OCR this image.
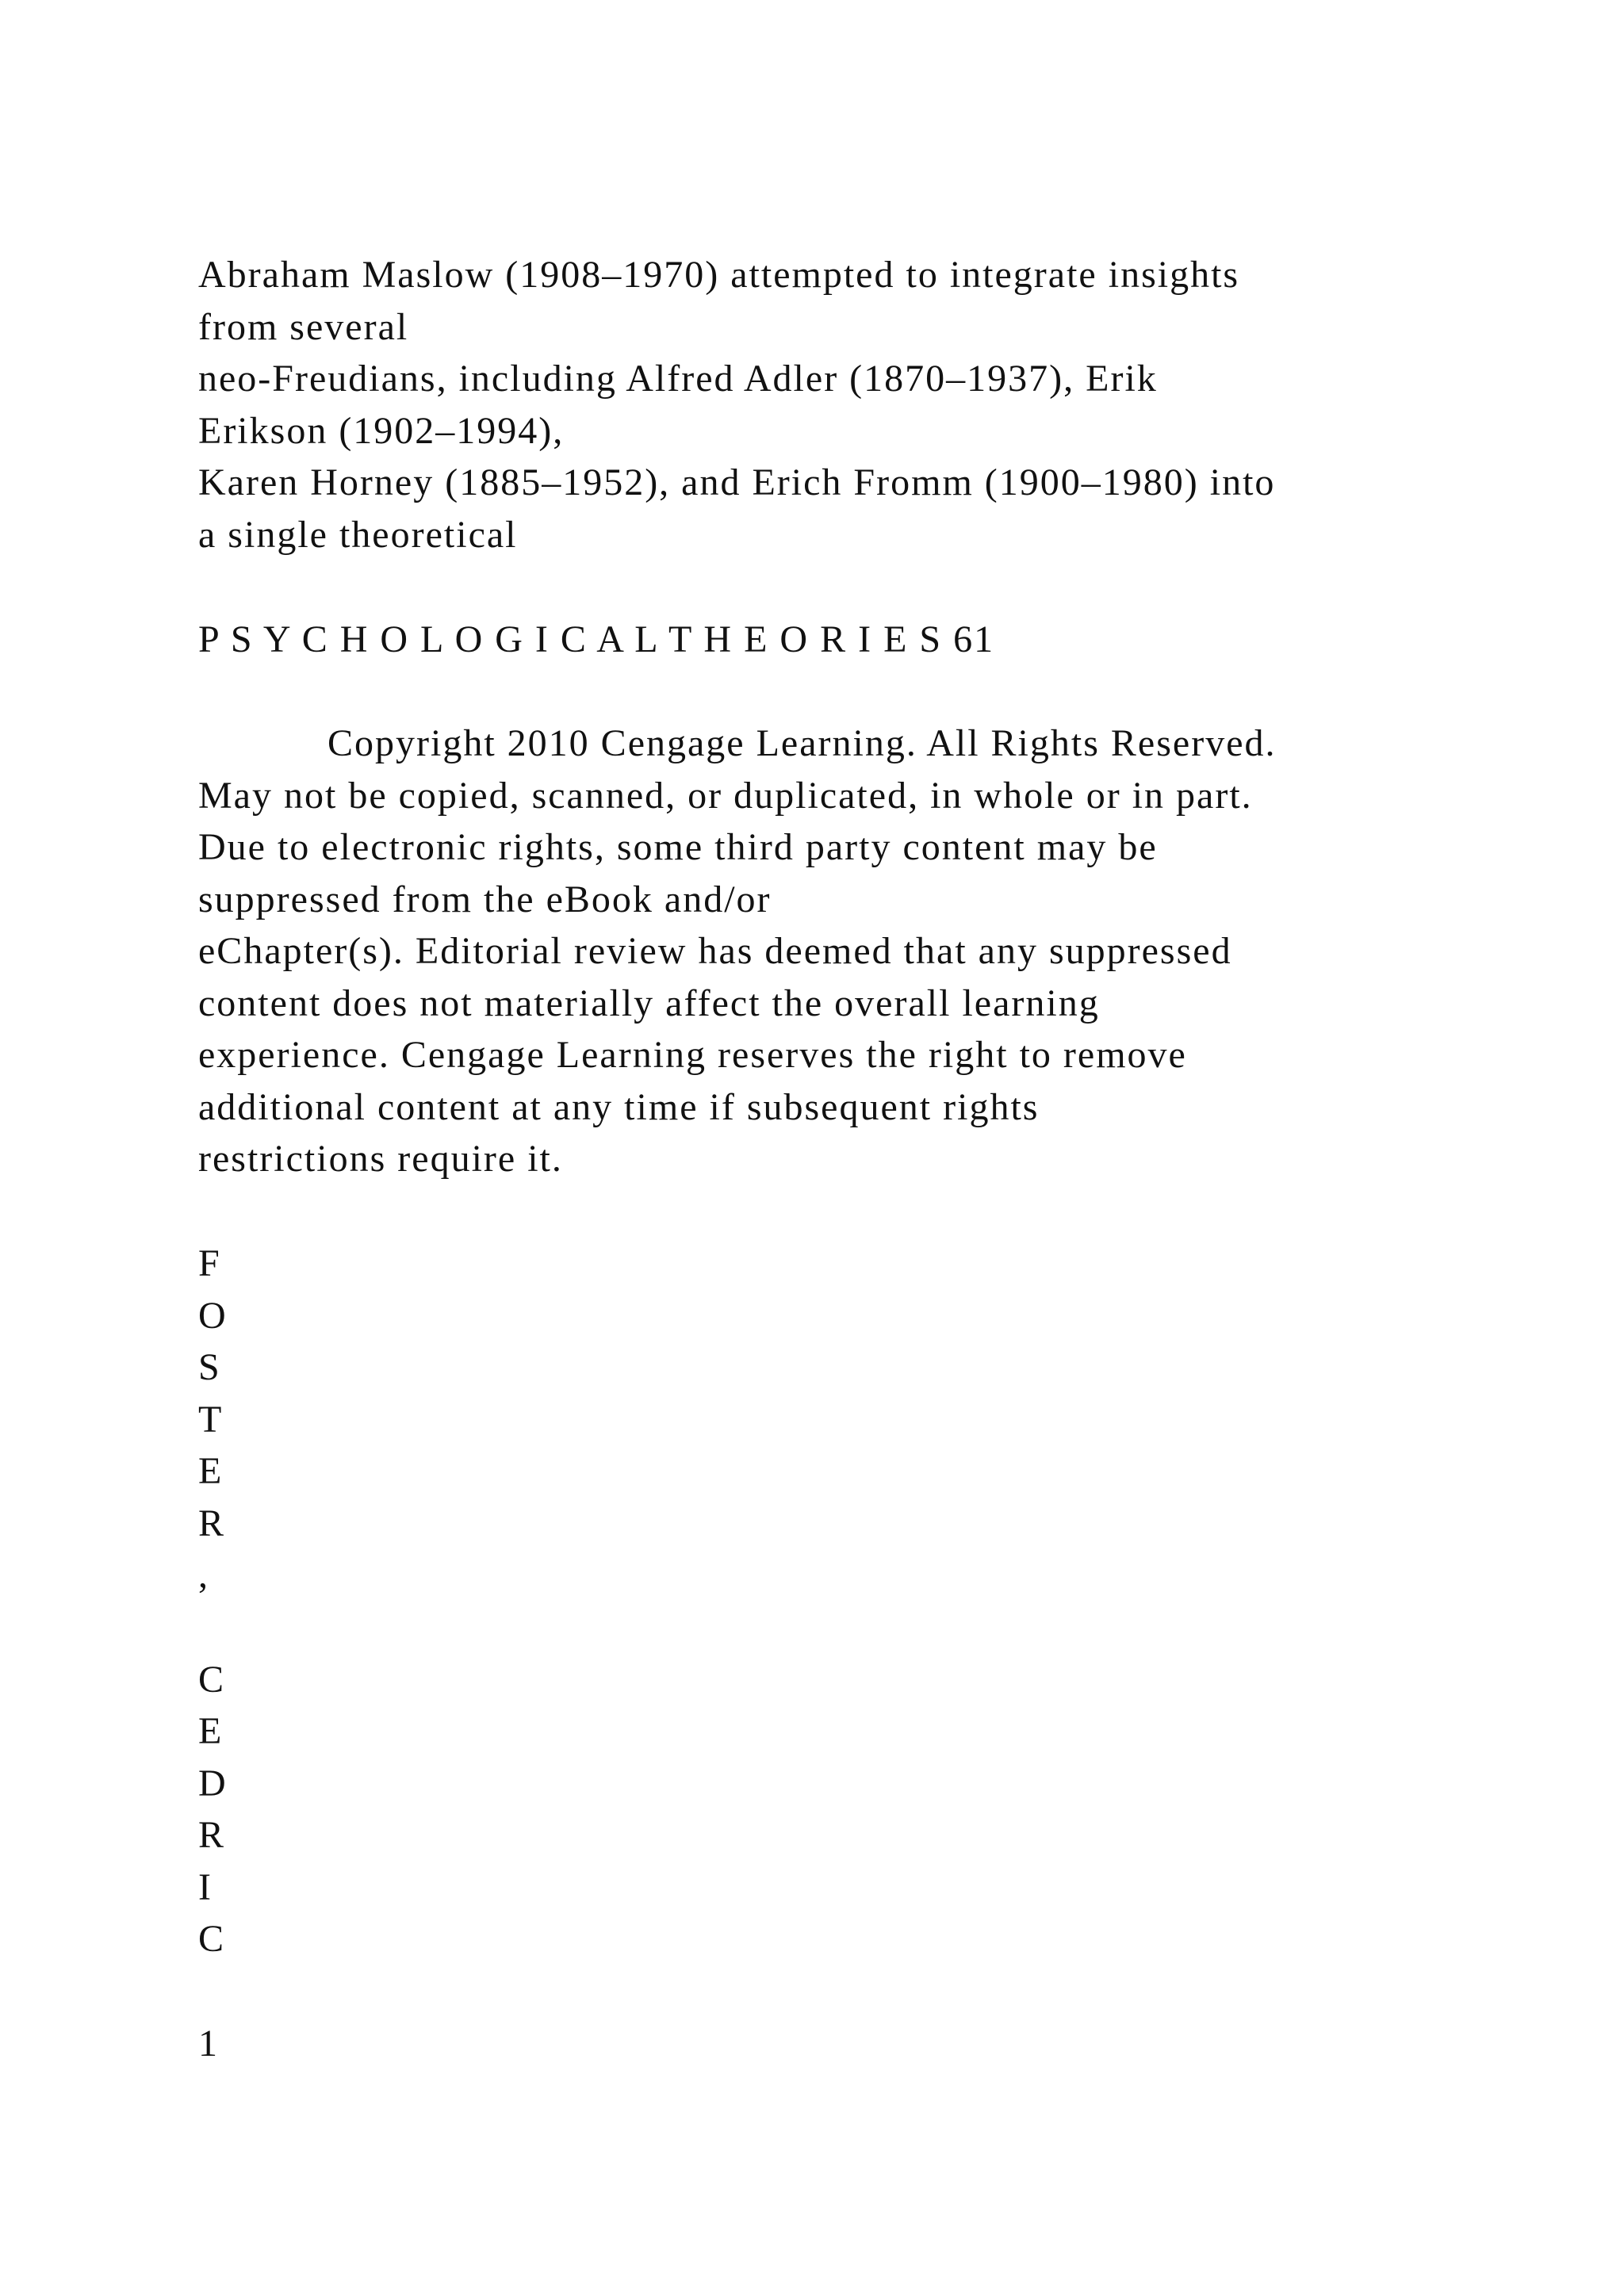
Abraham Maslow (1908–1970) attempted to integrate insights
from several
neo-Freudians, including Alfred Adler (1870–1937), Erik
Erikson (1902–1994),
Karen Horney (1885–1952), and Erich Fromm (1900–1980) into
a single theoretical
P S Y C H O L O G I C A L T H E O R I E S 61
Copyright 2010 Cengage Learning. All Rights Reserved.
May not be copied, scanned, or duplicated, in whole or in part.
Due to electronic rights, some third party content may be
suppressed from the eBook and/or
eChapter(s). Editorial review has deemed that any suppressed
content does not materially affect the overall learning
experience. Cengage Learning reserves the right to remove
additional content at any time if subsequent rights
restrictions require it.
F
O
S
T
E
R
,
C
E
D
R
I
C
1
